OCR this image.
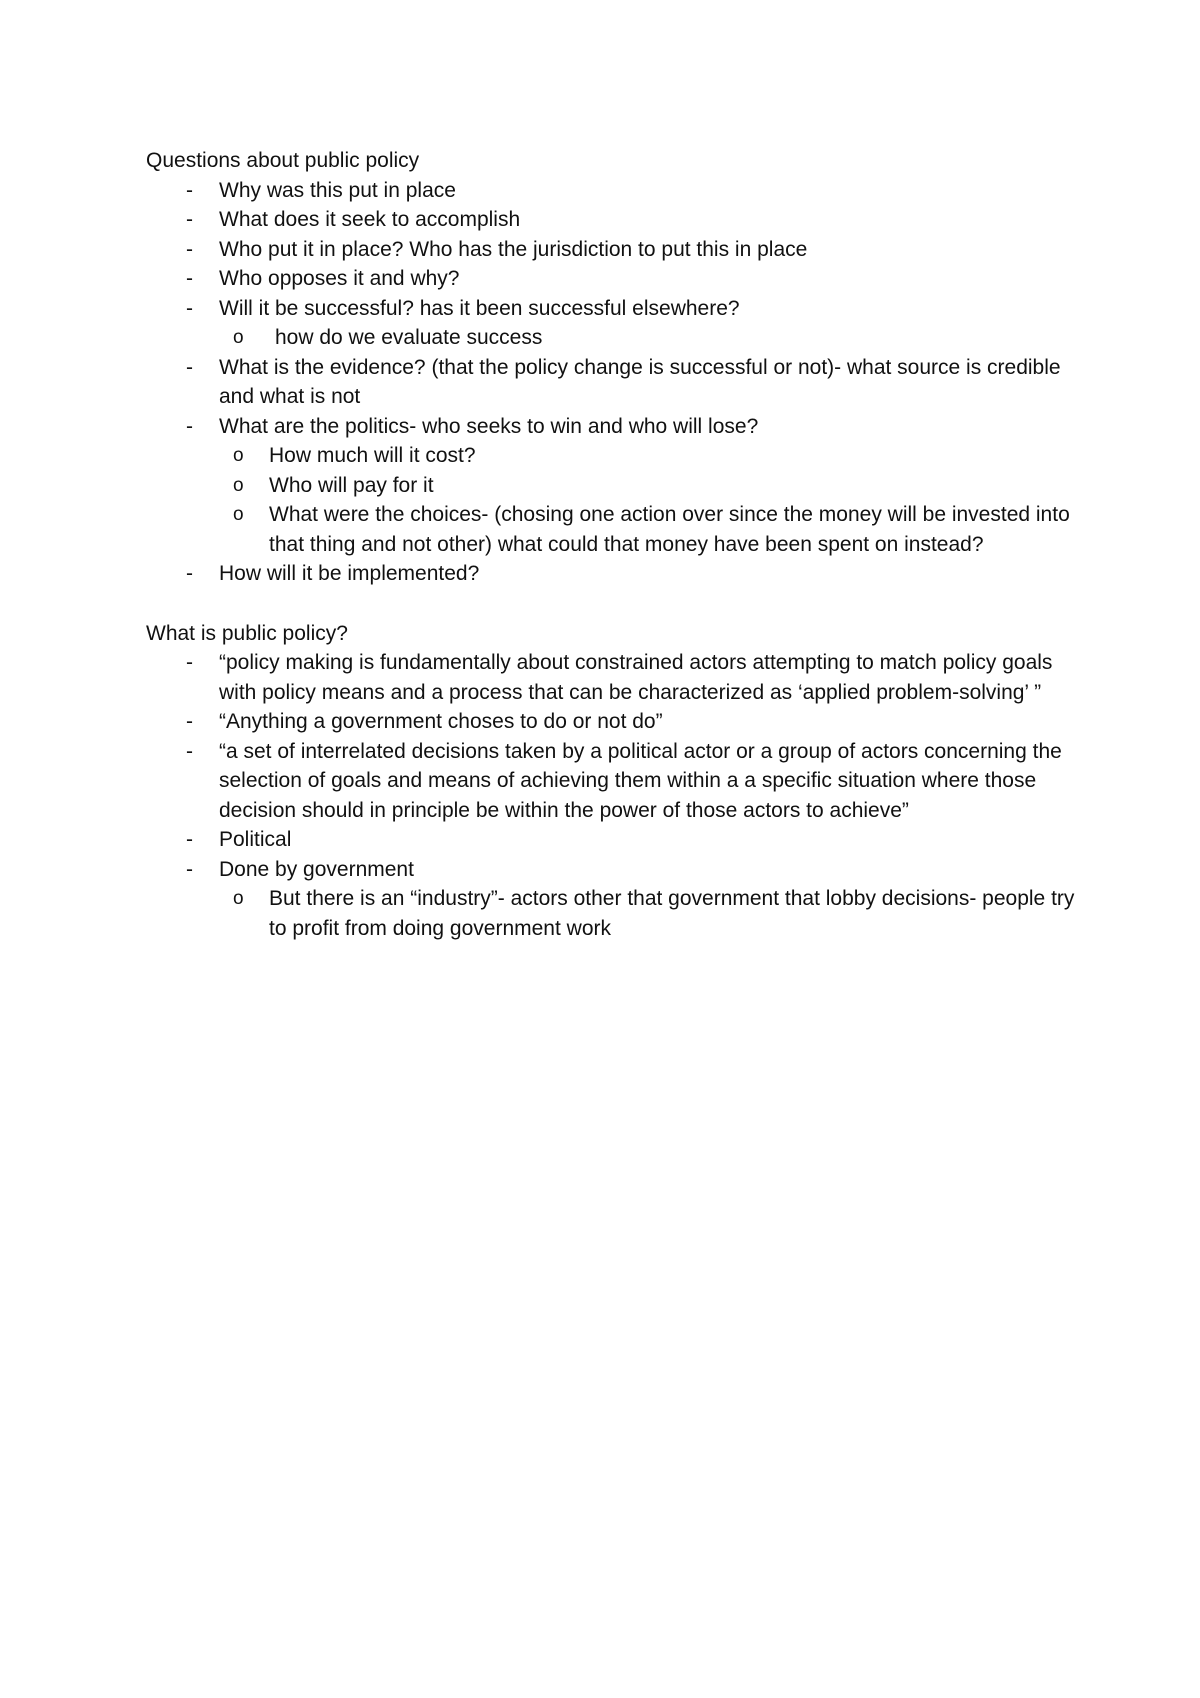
Questions about public policy

- Why was this put in place
- What does it seek to accomplish
- Who put it in place? Who has the jurisdiction to put this in place
- Who opposes it and why?
- Will it be successful? has it been successful elsewhere?
o how do we evaluate success
- What is the evidence? (that the policy change is successful or not)- what source is credible and what is not
- What are the politics- who seeks to win and who will lose?
o How much will it cost?
o Who will pay for it
o What were the choices- (chosing one action over since the money will be invested into that thing and not other) what could that money have been spent on instead?
- How will it be implemented?

What is public policy?

- “policy making is fundamentally about constrained actors attempting to match policy goals with policy means and a process that can be characterized as ‘applied problem-solving’ ”
- “Anything a government choses to do or not do”
- “a set of interrelated decisions taken by a political actor or a group of actors concerning the selection of goals and means of achieving them within a a specific situation where those decision should in principle be within the power of those actors to achieve”
- Political
- Done by government
o But there is an “industry”- actors other that government that lobby decisions- people try to profit from doing government work
